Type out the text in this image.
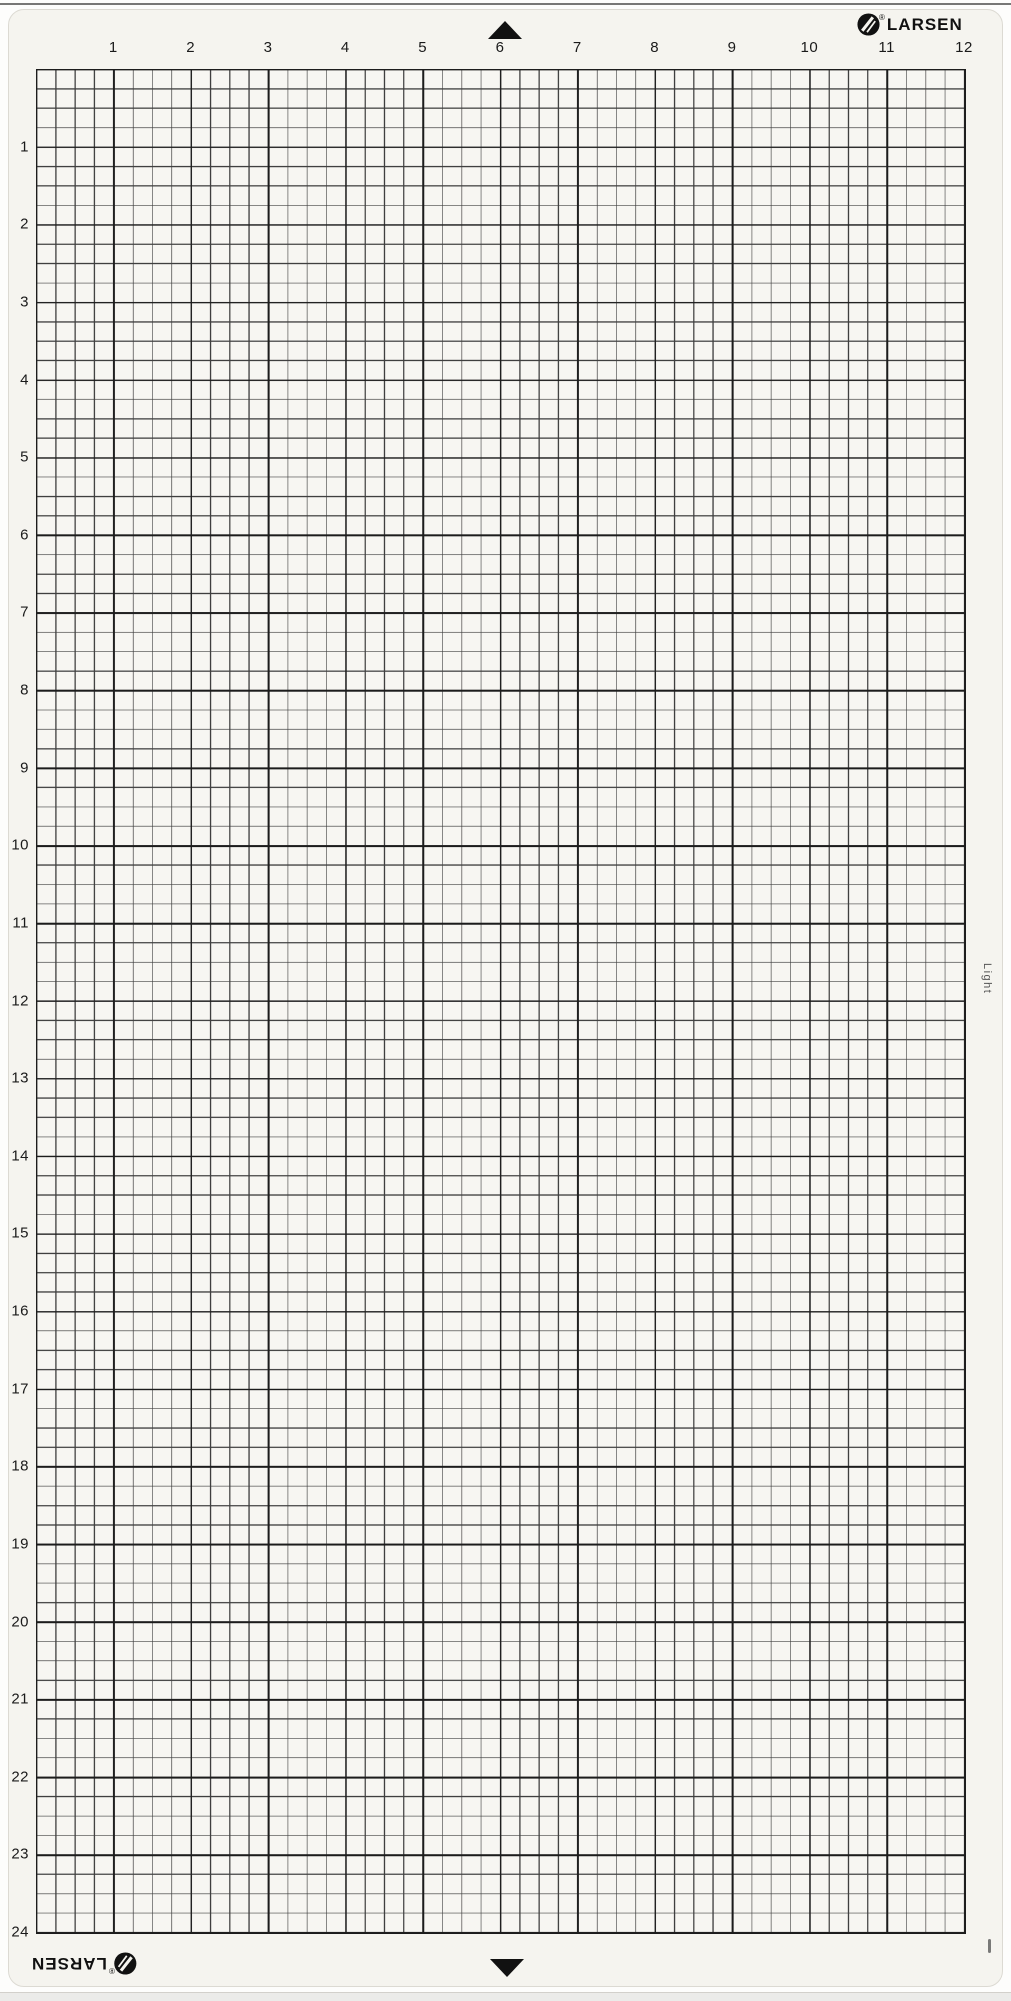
® LARSEN
®
LARSEN
1	2	3	4	5	6	7	8	9	10	11	12
1
2
3
4
5
6
7
8
9
10
11
12
13
14
15
16
17
18
19
20
21
22
23
24
Light
